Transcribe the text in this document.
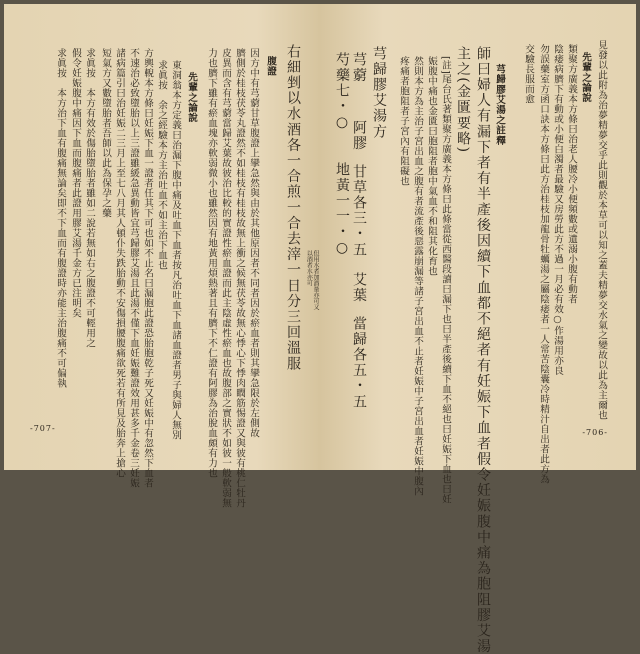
右細剉以水酒各一合煎一合去滓一日分三回溫服	但用水者加酒量亦可又以酒者水亦可
腹證
因方中有芎藭甘草腹證上攣急然與由於其他原因者不同者因於瘀血者則其攣急限於左側故
臍側於桂枝茯苓丸證然不如桂枝有桂枝故無上衝之候無茯苓故無心悸心下悸肉瞤筋惕證又與彼有桃仁牡丹
皮異而含有芎藭當歸艾葉故彼治比較的實證性瘀血證而此主陰虛性瘀血也故腹部之實狀不如彼一般軟弱無
力也臍下雖有瘀血塊亦軟弱微小也雖然因有地黃用煩熱著且有臍下不仁證有阿膠為治脫血頗有力也
先輩之論說
東洞翁本方定義曰治漏下腹中痛及吐血下血者按凡治吐血下血諸血證者男子與婦人無別
求眞按　余之經驗本方主治吐血不如主治下血也
方輿輗本方條曰妊娠下血一證者任其下可也如不止名曰漏胞此證恐胎胞乾子死又妊娠中有忽然下血者
不速治必致墮胎以上三證雖緩急異動皆宜芎歸膠艾湯且此湯不僅下血妊娠難證效用甚多千金卷三妊娠
諸病篇引曰治妊娠二三月上至七八月其人頓仆失跌胎動不安傷損腰腹痛欲死若有所見及胎奔上搶心
短氣方又數墮胎者吾師以此為保孕之藥
求眞按　本方有效於傷胎墮胎者雖如二說若無如右之腹證不可輕用之
假令妊娠腹中痛因下血而腹痛者此證用膠艾湯千金方已注明矣
求眞按　本方治下血有腹痛無論矣即不下血而有腹證時亦能主治腹痛不可偏執
-707-
見發以此附為治夢精夢交乎此則觀於本草可以知之蓋夫精夢交水氣之變故以此為主爾也
先輩之論說
類聚方廣義本方條曰治老人腰冷小便頻數或遺溺小腹有動者
陰痿病臍下有動或小便白濁者最驗又房勞此方不過一月必有效○作湯用亦良
勿誤藥室方函口訣本方條曰此方治桂枝加龍骨牡蠣湯之屬陰痿者一人常苦陰囊冷時精汁自出者此方為
交驗長服而愈
芎歸膠艾湯之註釋
師曰婦人有漏下者有半產後因續下血都不絕者有妊娠下血者假令妊娠腹中痛為胞阻膠艾湯
主之(金匱要略)
[註]尾台氏著類聚方廣義本方條曰此條當從西醫段讀曰漏下也曰半產後續下血不絕也曰妊娠下血也曰妊
娠腹中痛也金匱曰胞阻者胞中氣血不和阻其化育也
然則本方為主治子宮出血之腹有者流產後惡露崩漏等諸子宮出血不止者妊娠中子宮出血者妊娠中腹內
疼痛者胞阻者子宮內有阻礙也
芎歸膠艾湯方
芎藭
阿膠
甘草各三・五
艾葉
當歸各五・五
芍藥七・○
地黃一一・○
-706-
